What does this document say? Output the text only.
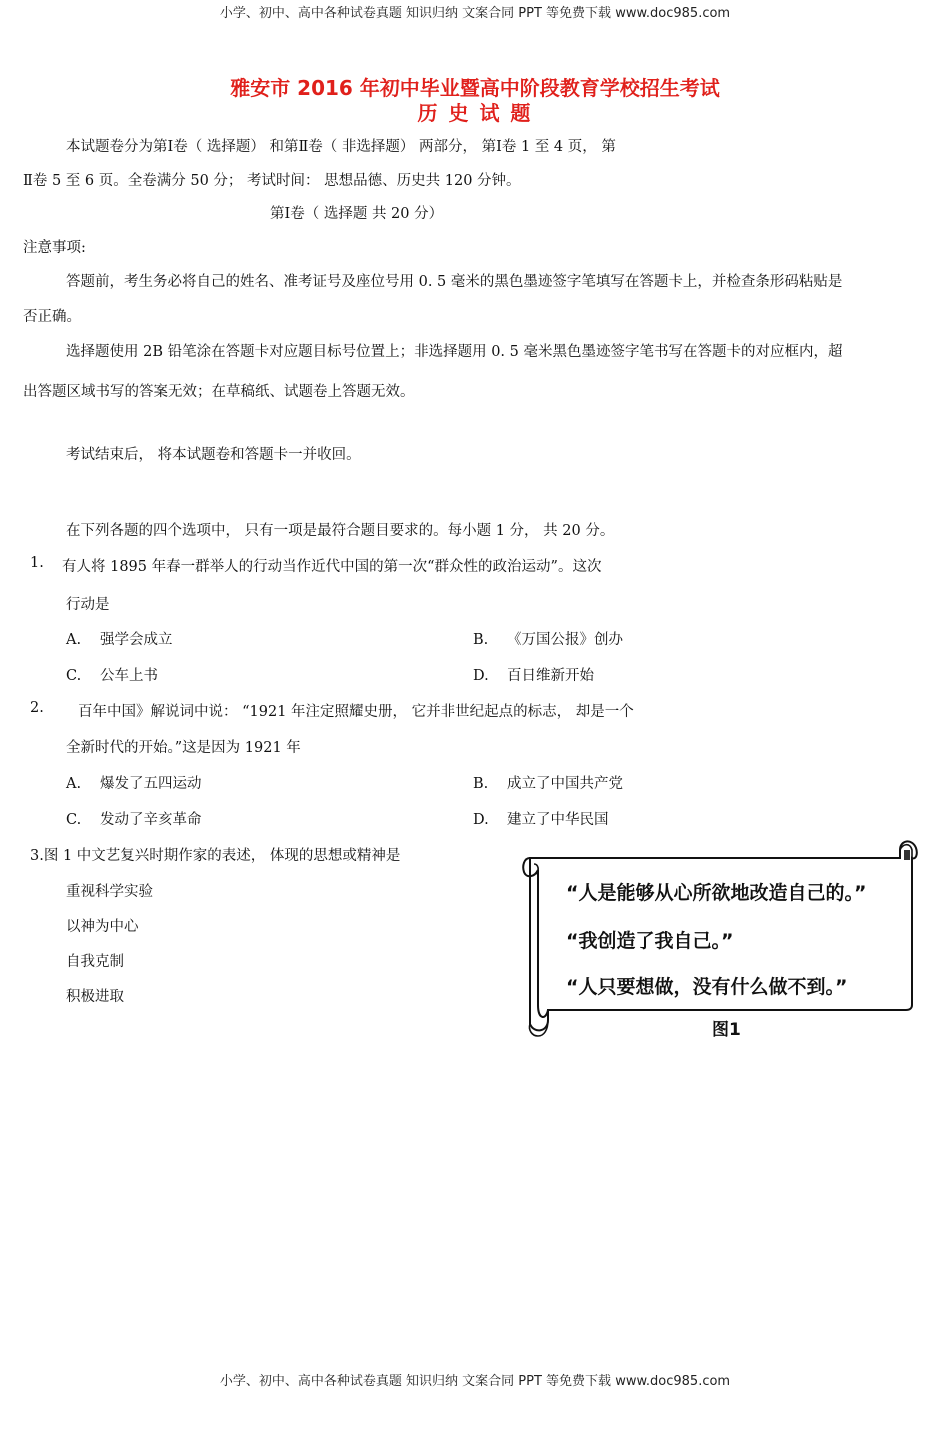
小学、初中、高中各种试卷真题 知识归纳 文案合同 PPT 等免费下载 www.doc985.com
小学、初中、高中各种试卷真题 知识归纳 文案合同 PPT 等免费下载 www.doc985.com
雅安市 2016 年初中毕业暨高中阶段教育学校招生考试
历 史 试 题
本试题卷分为第Ⅰ卷（ 选择题） 和第Ⅱ卷（ 非选择题） 两部分， 第Ⅰ卷 1 至 4 页， 第
Ⅱ卷 5 至 6 页。全卷满分 50 分； 考试时间： 思想品德、历史共 120 分钟。
第Ⅰ卷（ 选择题 共 20 分）
注意事项:
答题前，考生务必将自己的姓名、准考证号及座位号用 0. 5 毫米的黑色墨迹签字笔填写在答题卡上，并检查条形码粘贴是
否正确。
选择题使用 2B 铅笔涂在答题卡对应题目标号位置上；非选择题用 0. 5 毫米黑色墨迹签字笔书写在答题卡的对应框内，超
出答题区域书写的答案无效；在草稿纸、试题卷上答题无效。
考试结束后， 将本试题卷和答题卡一并收回。
在下列各题的四个选项中， 只有一项是最符合题目要求的。每小题 1 分， 共 20 分。
1. 有人将 1895 年春一群举人的行动当作近代中国的第一次“群众性的政治运动”。这次
行动是
A. 强学会成立	B. 《万国公报》创办
C. 公车上书	D. 百日维新开始
2. 百年中国》解说词中说： “1921 年注定照耀史册， 它并非世纪起点的标志， 却是一个
全新时代的开始。”这是因为 1921 年
A. 爆发了五四运动	B. 成立了中国共产党
C. 发动了辛亥革命	D. 建立了中华民国
3.图 1 中文艺复兴时期作家的表述， 体现的思想或精神是
重视科学实验
以神为中心
自我克制
积极进取
“人是能够从心所欲地改造自己的。”
“我创造了我自己。”
“人只要想做，没有什么做不到。”
图1
